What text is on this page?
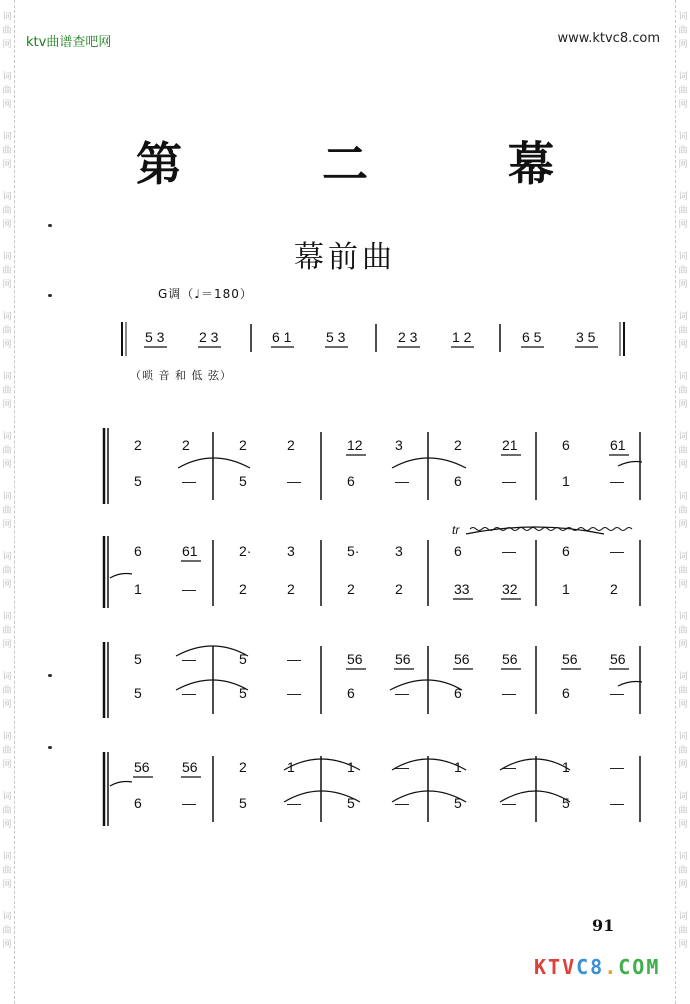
词
曲
网
词
曲
网
词
曲
网
词
曲
网
词
曲
网
词
曲
网
词
曲
网
词
曲
网
词
曲
网
词
曲
网
词
曲
网
词
曲
网
词
曲
网
词
曲
网
词
曲
网
词
曲
网
词
曲
网
词
曲
网
词
曲
网
词
曲
网
词
曲
网
词
曲
网
词
曲
网
词
曲
网
词
曲
网
词
曲
网
词
曲
网
词
曲
网
词
曲
网
词
曲
网
词
曲
网
词
曲
网
ktv曲谱查吧网	www.ktvc8.com
第 二 幕
幕前曲
G调（♩＝180）
（唢 音 和 低 弦）
5 3 2 3	6 1 5 3	2 3 1 2	6 5 3 5
tr
2	2	2	2	12 3	2	21	6	61
5	—	5	—	6	—	6	—	1	—
6	61	2·	3	5·	3	6	—	6	—
1	—	2	2	2	2	33 32	1	2
5	—	5	—	56 56	56 56	56 56
5	—	5	—	6	—	6	—	6	—
56 56	2	1	1	—	1	—	1	—
6	—	5	—	5	—	5	—	5	—
91
KTVC8.COM
